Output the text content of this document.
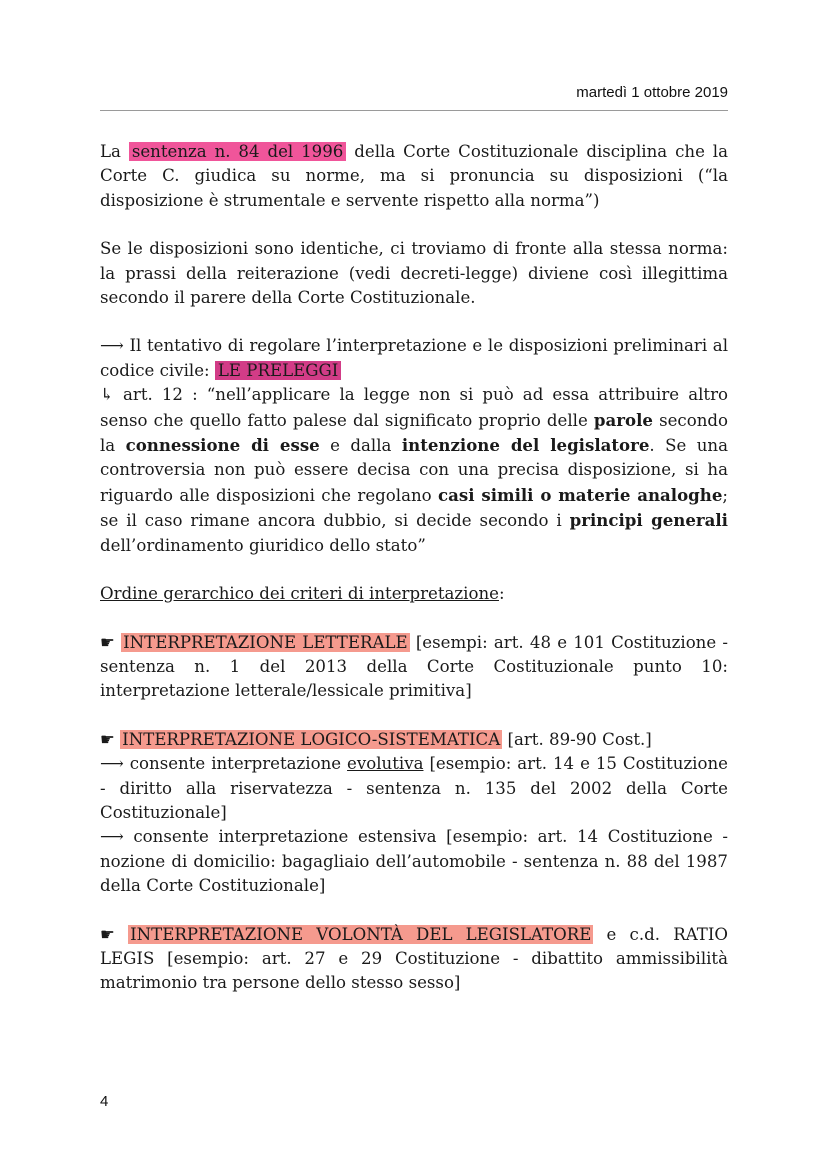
martedì 1 ottobre 2019

La sentenza n. 84 del 1996 della Corte Costituzionale disciplina che la Corte C. giudica su norme, ma si pronuncia su disposizioni (“la disposizione è strumentale e servente rispetto alla norma”)

Se le disposizioni sono identiche, ci troviamo di fronte alla stessa norma: la prassi della reiterazione (vedi decreti-legge) diviene così illegittima secondo il parere della Corte Costituzionale.

⟶ Il tentativo di regolare l’interpretazione e le disposizioni preliminari al codice civile: LE PRELEGGI

↳ art. 12 : “nell’applicare la legge non si può ad essa attribuire altro senso che quello fatto palese dal significato proprio delle parole secondo la connessione di esse e dalla intenzione del legislatore. Se una controversia non può essere decisa con una precisa disposizione, si ha riguardo alle disposizioni che regolano casi simili o materie analoghe; se il caso rimane ancora dubbio, si decide secondo i principi generali dell’ordinamento giuridico dello stato”

Ordine gerarchico dei criteri di interpretazione:

☛ INTERPRETAZIONE LETTERALE [esempi: art. 48 e 101 Costituzione - sentenza n. 1 del 2013 della Corte Costituzionale punto 10: interpretazione letterale/lessicale primitiva]

☛ INTERPRETAZIONE LOGICO-SISTEMATICA [art. 89-90 Cost.]

⟶ consente interpretazione evolutiva [esempio: art. 14 e 15 Costituzione - diritto alla riservatezza - sentenza n. 135 del 2002 della Corte Costituzionale]

⟶ consente interpretazione estensiva [esempio: art. 14 Costituzione - nozione di domicilio: bagagliaio dell’automobile - sentenza n. 88 del 1987 della Corte Costituzionale]

☛ INTERPRETAZIONE VOLONTÀ DEL LEGISLATORE e c.d. RATIO LEGIS [esempio: art. 27 e 29 Costituzione - dibattito ammissibilità matrimonio tra persone dello stesso sesso]

4
